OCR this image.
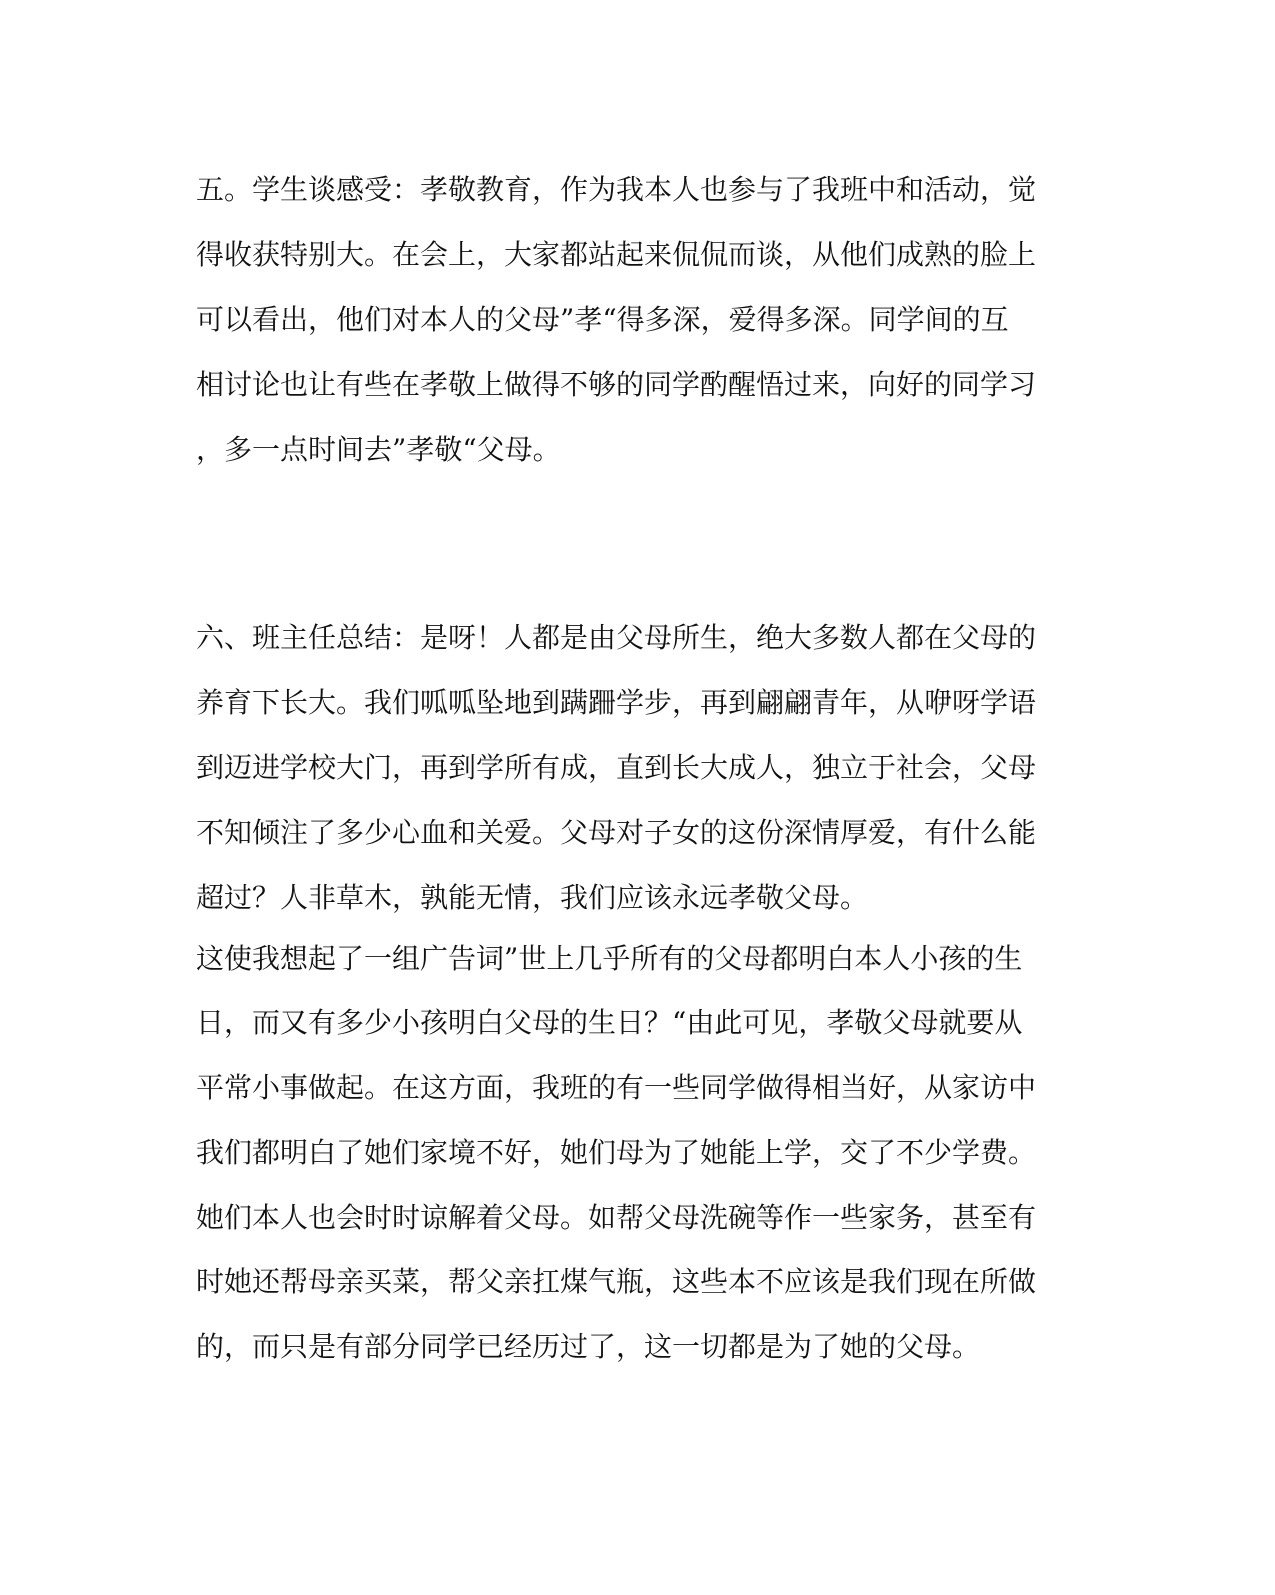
五。学生谈感受：孝敬教育，作为我本人也参与了我班中和活动，觉
得收获特别大。在会上，大家都站起来侃侃而谈，从他们成熟的脸上
可以看出，他们对本人的父母”孝“得多深，爱得多深。同学间的互
相讨论也让有些在孝敬上做得不够的同学酌醒悟过来，向好的同学习
，多一点时间去”孝敬“父母。
六、班主任总结：是呀！人都是由父母所生，绝大多数人都在父母的
养育下长大。我们呱呱坠地到蹒跚学步，再到翩翩青年，从咿呀学语
到迈进学校大门，再到学所有成，直到长大成人，独立于社会，父母
不知倾注了多少心血和关爱。父母对子女的这份深情厚爱，有什么能
超过？人非草木，孰能无情，我们应该永远孝敬父母。
这使我想起了一组广告词”世上几乎所有的父母都明白本人小孩的生
日，而又有多少小孩明白父母的生日？“由此可见，孝敬父母就要从
平常小事做起。在这方面，我班的有一些同学做得相当好，从家访中
我们都明白了她们家境不好，她们母为了她能上学，交了不少学费。
她们本人也会时时谅解着父母。如帮父母洗碗等作一些家务，甚至有
时她还帮母亲买菜，帮父亲扛煤气瓶，这些本不应该是我们现在所做
的，而只是有部分同学已经历过了，这一切都是为了她的父母。
